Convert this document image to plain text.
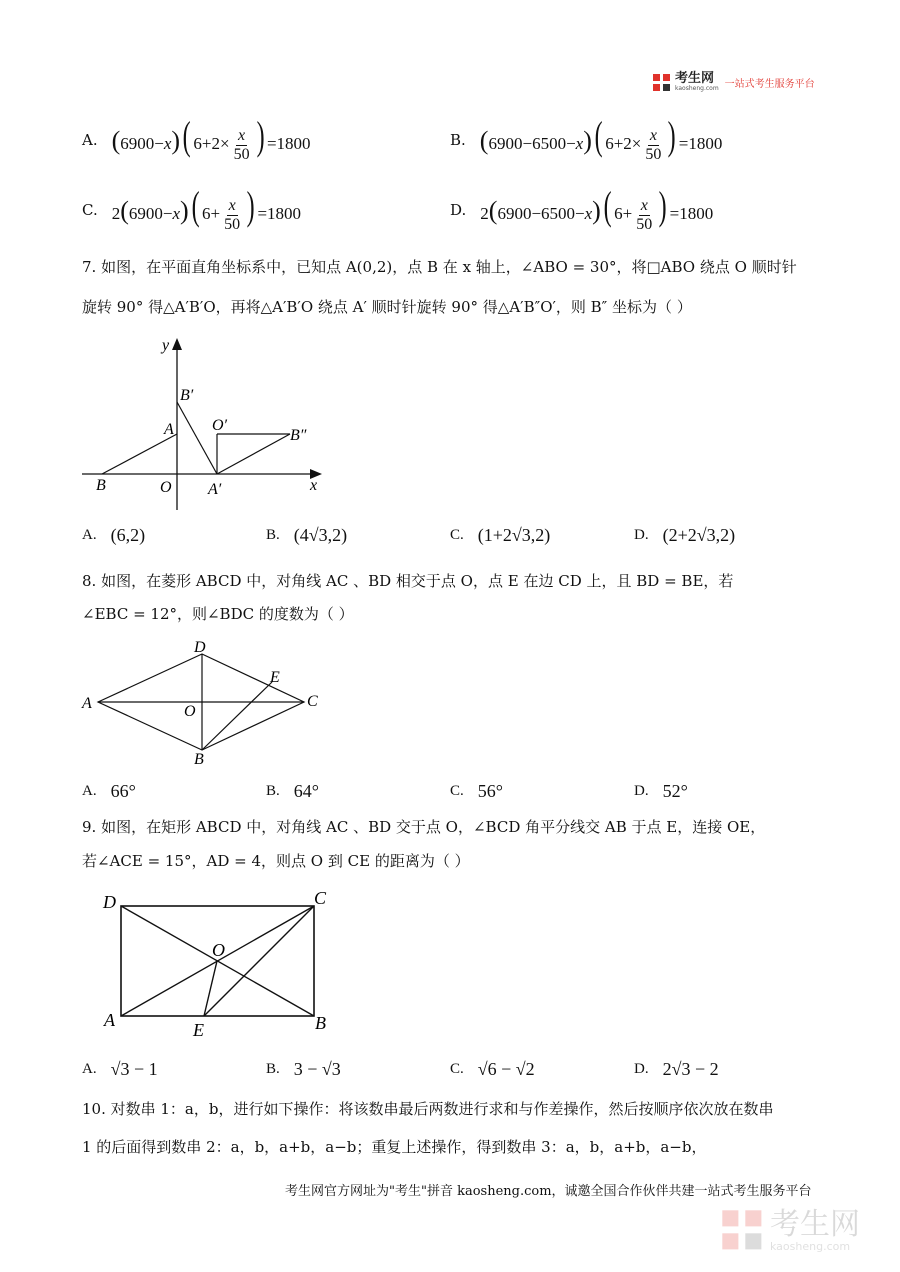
考生网
kaosheng.com 一站式考生服务平台
A. (6900−x)( $6+2\times \frac{x}{50}$ ) =1800	B. (6900−6500−x)( $6+2\times \frac{x}{50}$ ) =1800
C. 2(6900−x)( $6+ \frac{x}{50}$ ) =1800	D. 2(6900−6500−x)( $6+ \frac{x}{50}$ ) =1800
7. 如图，在平面直角坐标系中，已知点 A(0,2)，点 B 在 x 轴上，∠ABO = 30°，将□ABO 绕点 O 顺时针
旋转 90° 得△A′B′O，再将△A′B′O 绕点 A′ 顺时针旋转 90° 得△A′B″O′，则 B″ 坐标为（ ）
y
x
B′
A O′
B″
B	O A′
A. (6,2)	B. (4√3,2)	C. (1+2√3,2)	D. (2+2√3,2)
8. 如图，在菱形 ABCD 中，对角线 AC 、BD 相交于点 O，点 E 在边 CD 上，且 BD = BE，若
∠EBC = 12°，则∠BDC 的度数为（ ）
D
E
A	O
C
B
A. 66°	B. 64°	C. 56°	D. 52°
9. 如图，在矩形 ABCD 中，对角线 AC 、BD 交于点 O，∠BCD 角平分线交 AB 于点 E，连接 OE，
若∠ACE = 15°，AD = 4，则点 O 到 CE 的距离为（ ）
D	C
O
A	E	B
A. √3 − 1	B. 3 − √3	C. √6 − √2	D. 2√3 − 2
10. 对数串 1：a，b，进行如下操作：将该数串最后两数进行求和与作差操作，然后按顺序依次放在数串
1 的后面得到数串 2：a，b，a+b，a−b；重复上述操作，得到数串 3：a，b，a+b，a−b，
考生网官方网址为"考生"拼音 kaosheng.com，诚邀全国合作伙伴共建一站式考生服务平台
考生网
kaosheng.com
